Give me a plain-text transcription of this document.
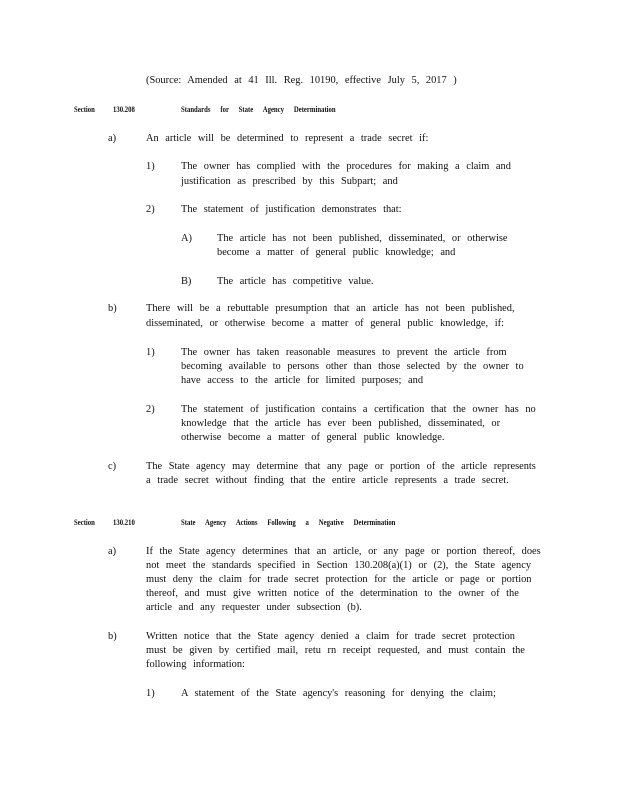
(Source: Amended at 41 Ill. Reg. 10190, effective July 5, 2017 )
Section 130.208	Standards for State Agency Determination
a)	An article will be determined to represent a trade secret if:
1)	The owner has complied with the procedures for making a claim and
justification as prescribed by this Subpart; and
2)	The statement of justification demonstrates that:
A) The article has not been published, disseminated, or otherwise
become a matter of general public knowledge; and
B) The article has competitive value.
b)	There will be a rebuttable presumption that an article has not been published,
disseminated, or otherwise become a matter of general public knowledge, if:
1)	The owner has taken reasonable measures to prevent the article from
becoming available to persons other than those selected by the owner to
have access to the article for limited purposes; and
2)	The statement of justification contains a certification that the owner has no
knowledge that the article has ever been published, disseminated, or
otherwise become a matter of general public knowledge.
c)	The State agency may determine that any page or portion of the article represents
a trade secret without finding that the entire article represents a trade secret.
Section 130.210	State Agency Actions Following a Negative Determination
a)	If the State agency determines that an article, or any page or portion thereof, does
not meet the standards specified in Section 130.208(a)(1) or (2), the State agency
must deny the claim for trade secret protection for the article or page or portion
thereof, and must give written notice of the determination to the owner of the
article and any requester under subsection (b).
b)	Written notice that the State agency denied a claim for trade secret protection
must be given by certified mail, retu rn receipt requested, and must contain the
following information:
1)	A statement of the State agency's reasoning for denying the claim;
